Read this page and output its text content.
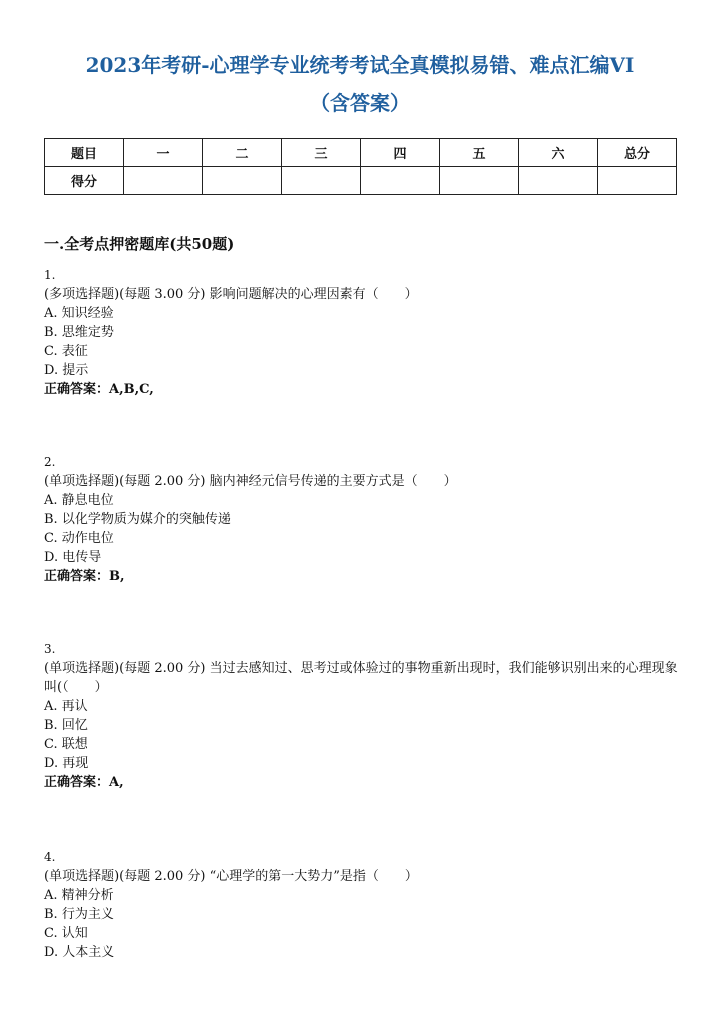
2023年考研-心理学专业统考考试全真模拟易错、难点汇编VI
（含答案）
题目	一	二	三	四	五	六	总分
得分							
一.全考点押密题库(共50题)

1.

(多项选择题)(每题 3.00 分) 影响问题解决的心理因素有（　　）

A. 知识经验

B. 思维定势

C. 表征

D. 提示

正确答案：A,B,C,

2.

(单项选择题)(每题 2.00 分) 脑内神经元信号传递的主要方式是（　　）

A. 静息电位

B. 以化学物质为媒介的突触传递

C. 动作电位

D. 电传导

正确答案：B,

3.

(单项选择题)(每题 2.00 分) 当过去感知过、思考过或体验过的事物重新出现时，我们能够识别出来的心理现象叫(（　　）

A. 再认

B. 回忆

C. 联想

D. 再现

正确答案：A,

4.

(单项选择题)(每题 2.00 分) “心理学的第一大势力”是指（　　）

A. 精神分析

B. 行为主义

C. 认知

D. 人本主义
